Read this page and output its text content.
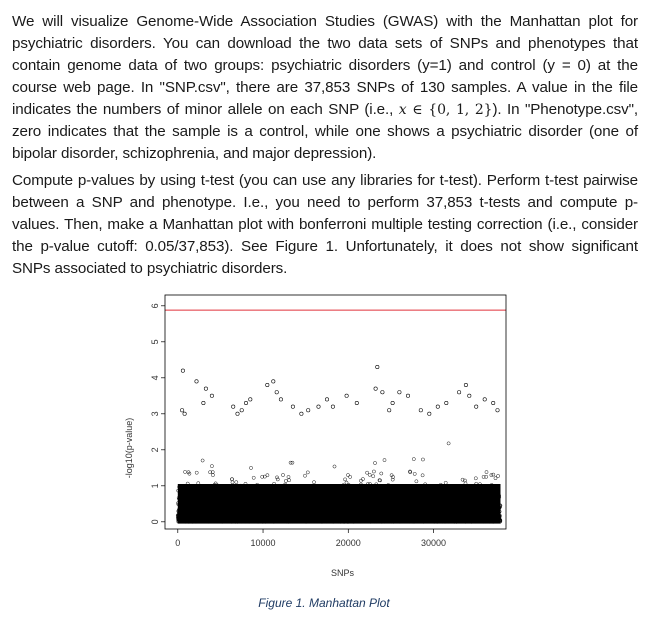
We will visualize Genome-Wide Association Studies (GWAS) with the Manhattan plot for psychiatric disorders. You can download the two data sets of SNPs and phenotypes that contain genome data of two groups: psychiatric disorders (y=1) and control (y = 0) at the course web page. In "SNP.csv", there are 37,853 SNPs of 130 samples. A value in the file indicates the numbers of minor allele on each SNP (i.e., x ∈ {0, 1, 2}). In "Phenotype.csv", zero indicates that the sample is a control, while one shows a psychiatric disorder (one of bipolar disorder, schizophrenia, and major depression).
Compute p-values by using t-test (you can use any libraries for t-test). Perform t-test pairwise between a SNP and phenotype. I.e., you need to perform 37,853 t-tests and compute p-values. Then, make a Manhattan plot with bonferroni multiple testing correction (i.e., consider the p-value cutoff: 0.05/37,853). See Figure 1. Unfortunately, it does not show significant SNPs associated to psychiatric disorders.
0	10000	20000	30000
0
1
2
3
4
5
6
SNPs
-log10(p-value)
Figure 1. Manhattan Plot
